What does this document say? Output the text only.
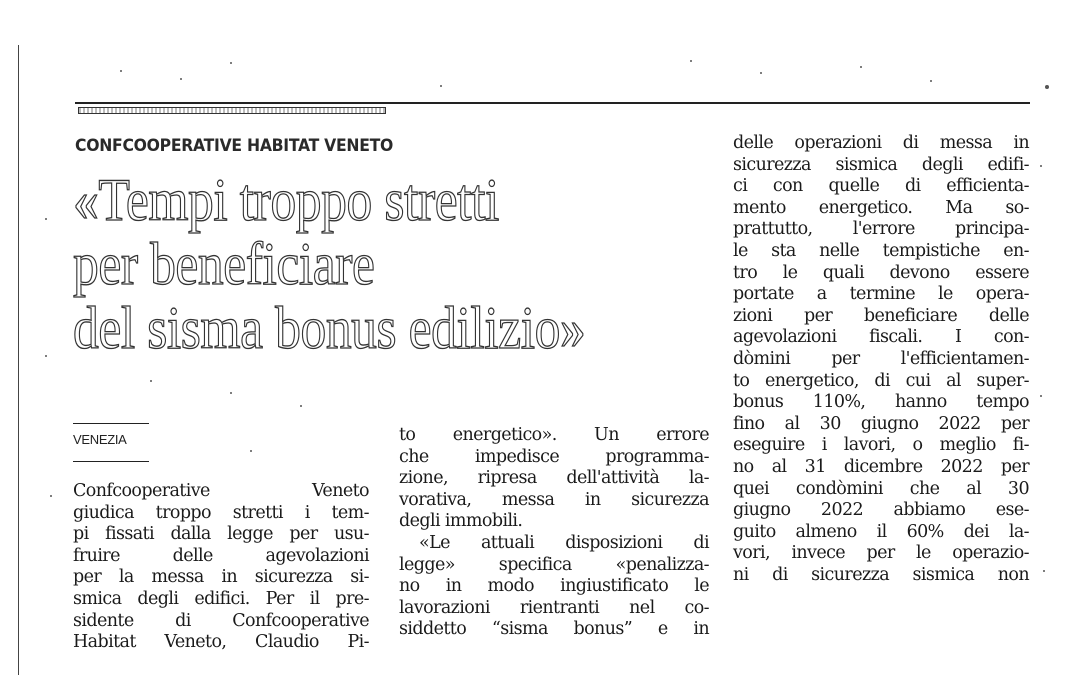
CONFCOOPERATIVE HABITAT VENETO
«Tempi troppo stretti
per beneficiare
del sisma bonus edilizio»
VENEZIA
Confcooperative Veneto
giudica troppo stretti i tem-
pi fissati dalla legge per usu-
fruire delle agevolazioni
per la messa in sicurezza si-
smica degli edifici. Per il pre-
sidente di Confcooperative
Habitat Veneto, Claudio Pi-
to energetico». Un errore
che impedisce programma-
zione, ripresa dell'attività la-
vorativa, messa in sicurezza
degli immobili.
«Le attuali disposizioni di
legge» specifica «penalizza-
no in modo ingiustificato le
lavorazioni rientranti nel co-
siddetto “sisma bonus” e in
delle operazioni di messa in
sicurezza sismica degli edifi-
ci con quelle di efficienta-
mento energetico. Ma so-
prattutto, l'errore principa-
le sta nelle tempistiche en-
tro le quali devono essere
portate a termine le opera-
zioni per beneficiare delle
agevolazioni fiscali. I con-
dòmini per l'efficientamen-
to energetico, di cui al super-
bonus 110%, hanno tempo
fino al 30 giugno 2022 per
eseguire i lavori, o meglio fi-
no al 31 dicembre 2022 per
quei condòmini che al 30
giugno 2022 abbiamo ese-
guito almeno il 60% dei la-
vori, invece per le operazio-
ni di sicurezza sismica non
